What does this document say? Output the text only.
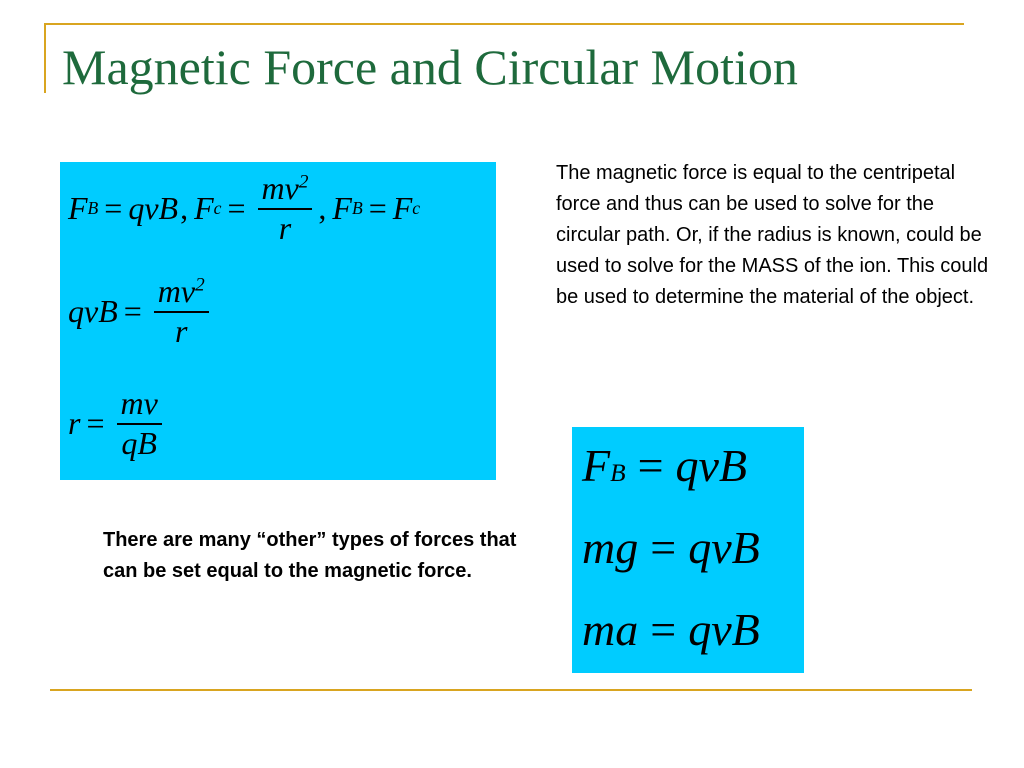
Magnetic Force and Circular Motion
F B = qvB , F $c = \frac{mv^2}{r}$ , F B = F c
qvB = $\frac{mv^2}{r}$
$r = \frac{mv}{qB}$
The magnetic force is equal to the centripetal force and thus can be used to solve for the circular path. Or, if the radius is known, could be used to solve for the MASS of the ion. This could be used to determine the material of the object.
There are many “other” types of forces that can be set equal to the magnetic force.
F B = qvB
mg = qvB
ma = qvB
